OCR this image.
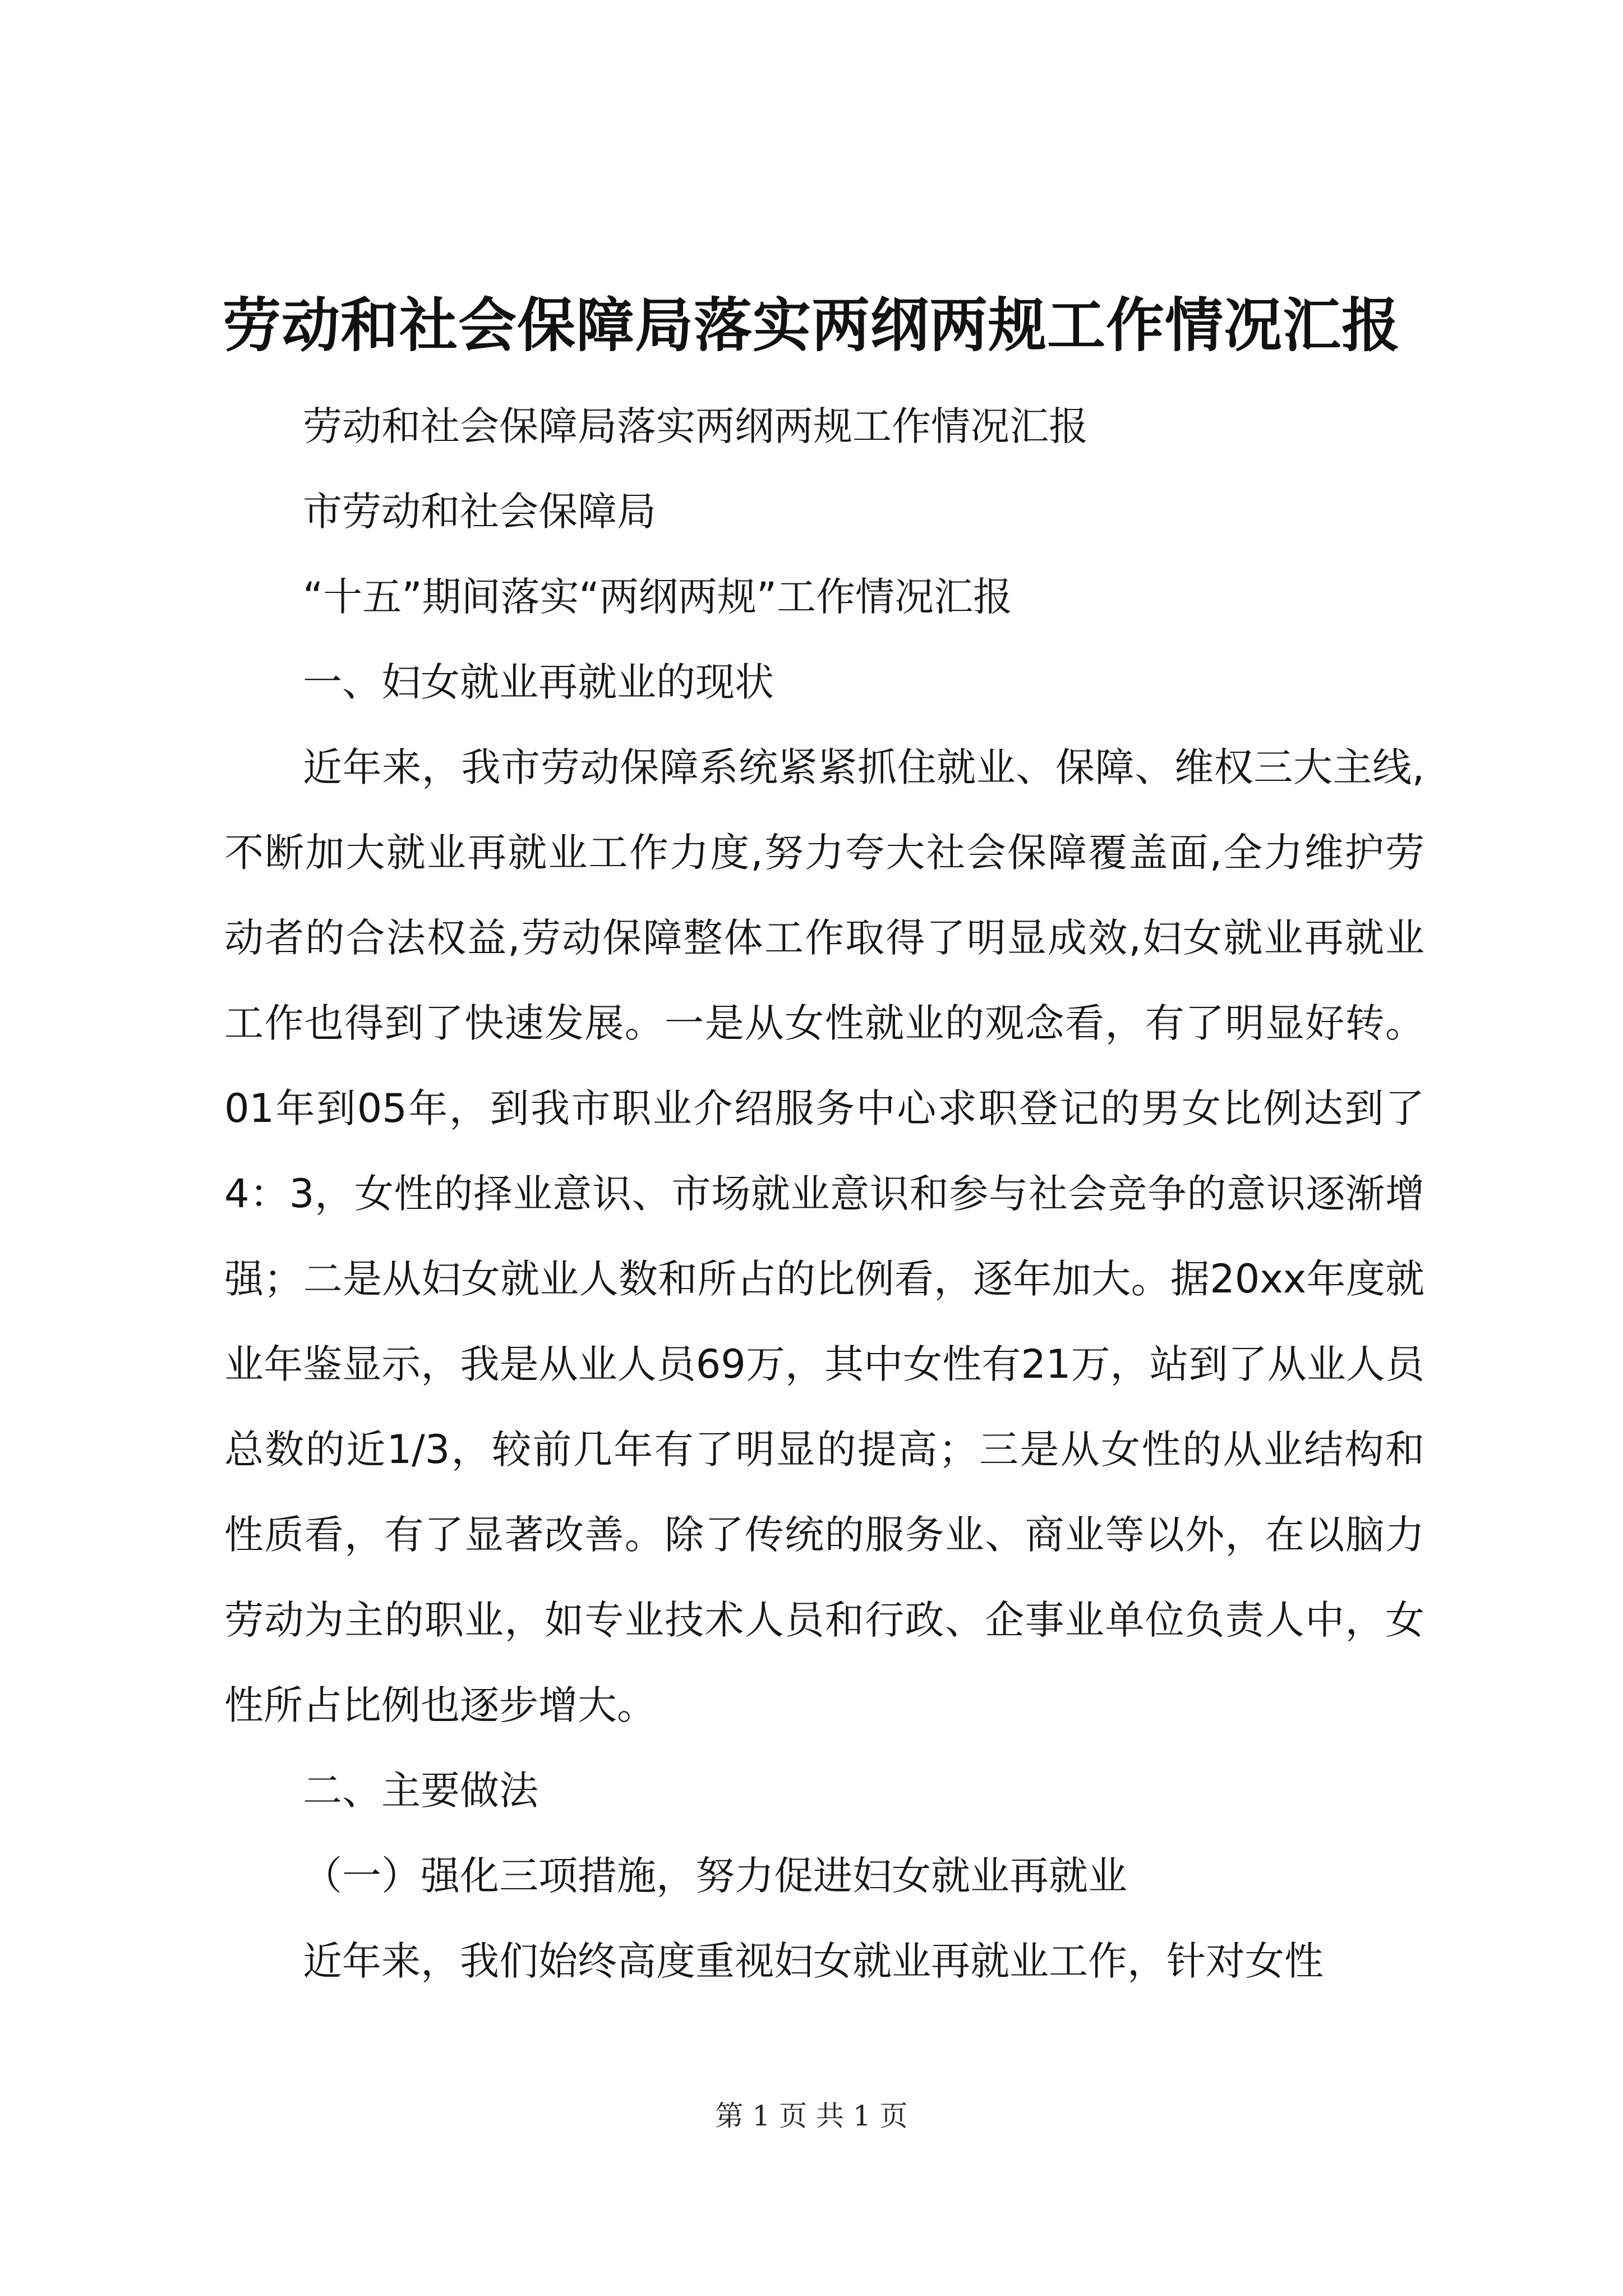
劳动和社会保障局落实两纲两规工作情况汇报

劳动和社会保障局落实两纲两规工作情况汇报

市劳动和社会保障局

“十五”期间落实“两纲两规”工作情况汇报

一、妇女就业再就业的现状

近年来，我市劳动保障系统紧紧抓住就业、保障、维权三大主线,不断加大就业再就业工作力度,努力夸大社会保障覆盖面,全力维护劳动者的合法权益,劳动保障整体工作取得了明显成效,妇女就业再就业工作也得到了快速发展。一是从女性就业的观念看，有了明显好转。01年到05年，到我市职业介绍服务中心求职登记的男女比例达到了4：3，女性的择业意识、市场就业意识和参与社会竞争的意识逐渐增强；二是从妇女就业人数和所占的比例看，逐年加大。据20xx年度就业年鉴显示，我是从业人员69万，其中女性有21万，站到了从业人员总数的近1/3，较前几年有了明显的提高；三是从女性的从业结构和性质看，有了显著改善。除了传统的服务业、商业等以外，在以脑力劳动为主的职业，如专业技术人员和行政、企事业单位负责人中，女性所占比例也逐步增大。

二、主要做法

（一）强化三项措施，努力促进妇女就业再就业

近年来，我们始终高度重视妇女就业再就业工作，针对女性

第 1 页 共 1 页
